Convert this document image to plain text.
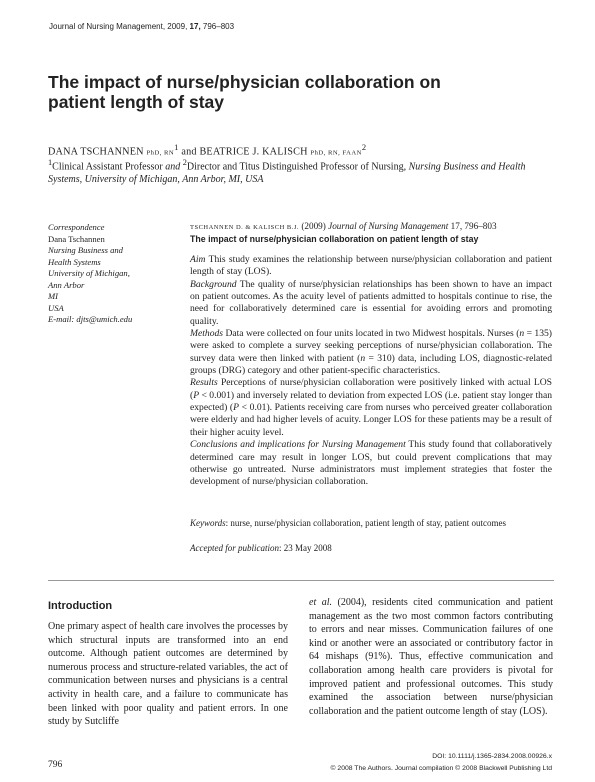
Journal of Nursing Management, 2009, 17, 796–803
The impact of nurse/physician collaboration on patient length of stay
DANA TSCHANNEN PhD, $RN^1$ and BEATRICE J. KALISCH PhD, RN, FAAN$^2$
$^1$Clinical Assistant Professor and $^2$Director and Titus Distinguished Professor of Nursing, Nursing Business and Health Systems, University of Michigan, Ann Arbor, MI, USA
Correspondence
Dana Tschannen
Nursing Business and
Health Systems
University of Michigan,
Ann Arbor
MI
USA
E-mail: djts@umich.edu
TSCHANNEN D. & KALISCH B.J. (2009) Journal of Nursing Management 17, 796–803
The impact of nurse/physician collaboration on patient length of stay

Aim This study examines the relationship between nurse/physician collaboration and patient length of stay (LOS).

Background The quality of nurse/physician relationships has been shown to have an impact on patient outcomes. As the acuity level of patients admitted to hospitals continue to rise, the need for collaboratively determined care is essential for avoiding errors and promoting quality.

Methods Data were collected on four units located in two Midwest hospitals. Nurses (n = 135) were asked to complete a survey seeking perceptions of nurse/physician collaboration. The survey data were then linked with patient (n = 310) data, including LOS, diagnostic-related groups (DRG) category and other patient-specific characteristics.

Results Perceptions of nurse/physician collaboration were positively linked with actual LOS (P < 0.001) and inversely related to deviation from expected LOS (i.e. patient stay longer than expected) (P < 0.01). Patients receiving care from nurses who perceived greater collaboration were elderly and had higher levels of acuity. Longer LOS for these patients may be a result of their higher acuity level.

Conclusions and implications for Nursing Management This study found that collaboratively determined care may result in longer LOS, but could prevent complications that may otherwise go untreated. Nurse administrators must implement strategies that foster the development of nurse/physician collaboration.

Keywords: nurse, nurse/physician collaboration, patient length of stay, patient outcomes
Accepted for publication: 23 May 2008
Introduction
One primary aspect of health care involves the processes by which structural inputs are transformed into an end outcome. Although patient outcomes are determined by numerous process and structure-related variables, the act of communication between nurses and physicians is a central activity in health care, and a failure to communicate has been linked with poor quality and patient errors. In one study by Sutcliffe
et al. (2004), residents cited communication and patient management as the two most common factors contributing to errors and near misses. Communication failures of one kind or another were an associated or contributory factor in 64 mishaps (91%). Thus, effective communication and collaboration among health care providers is pivotal for improved patient and professional outcomes. This study examined the association between nurse/physician collaboration and the patient outcome length of stay (LOS).
796
DOI: 10.1111/j.1365-2834.2008.00926.x
© 2008 The Authors. Journal compilation © 2008 Blackwell Publishing Ltd
